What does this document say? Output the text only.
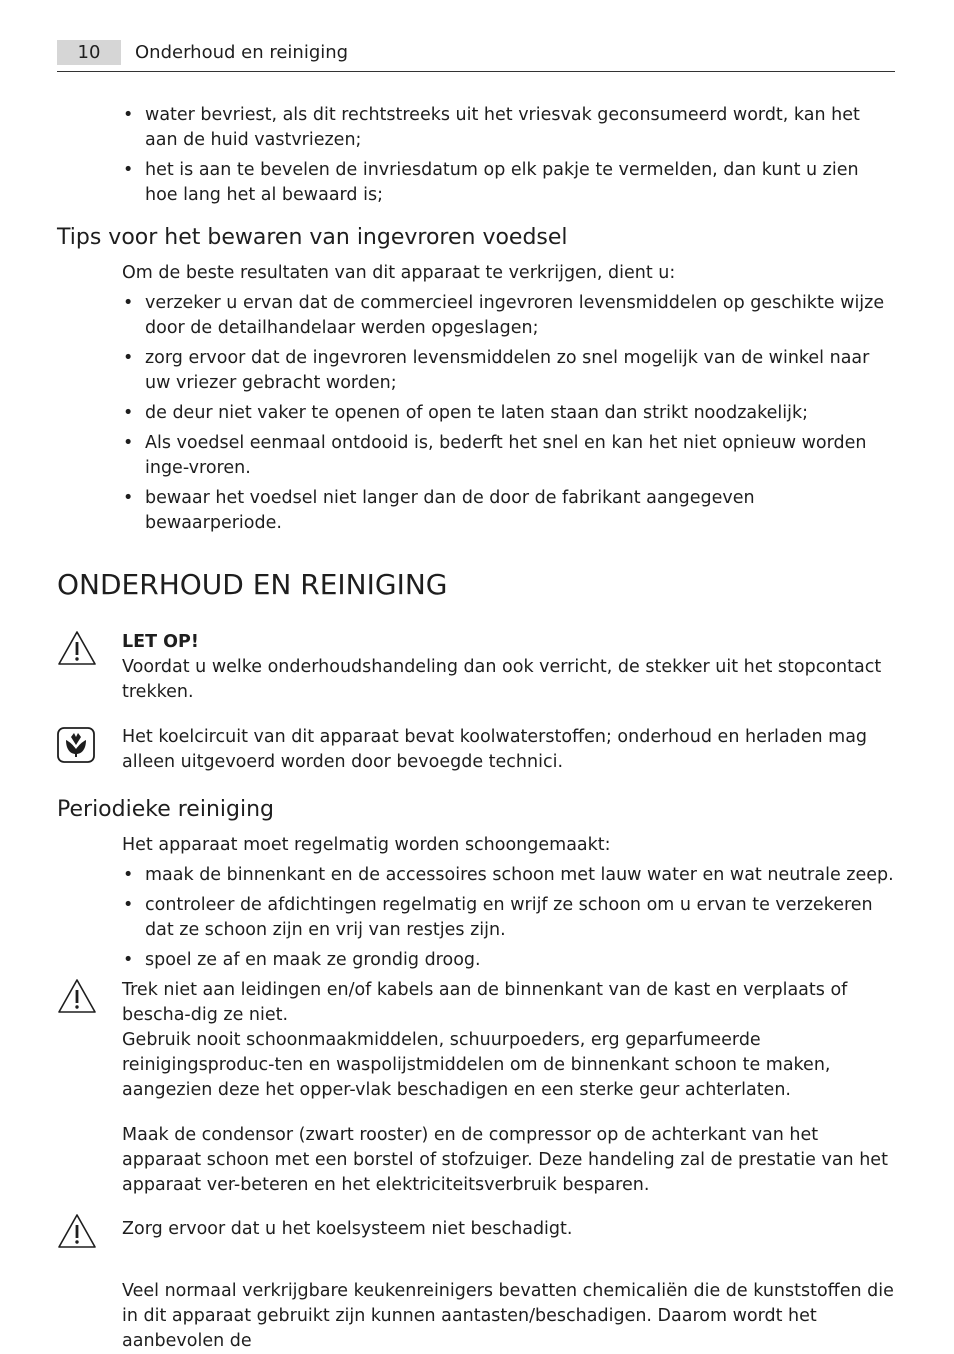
10	Onderhoud en reiniging
• water bevriest, als dit rechtstreeks uit het vriesvak geconsumeerd wordt, kan het aan de huid vastvriezen;
• het is aan te bevelen de invriesdatum op elk pakje te vermelden, dan kunt u zien hoe lang het al bewaard is;
Tips voor het bewaren van ingevroren voedsel

Om de beste resultaten van dit apparaat te verkrijgen, dient u:

• verzeker u ervan dat de commercieel ingevroren levensmiddelen op geschikte wijze door de detailhandelaar werden opgeslagen;
• zorg ervoor dat de ingevroren levensmiddelen zo snel mogelijk van de winkel naar uw vriezer gebracht worden;
• de deur niet vaker te openen of open te laten staan dan strikt noodzakelijk;
• Als voedsel eenmaal ontdooid is, bederft het snel en kan het niet opnieuw worden inge-vroren.
• bewaar het voedsel niet langer dan de door de fabrikant aangegeven bewaarperiode.
ONDERHOUD EN REINIGING

LET OP!

Voordat u welke onderhoudshandeling dan ook verricht, de stekker uit het stopcontact trekken.

Het koelcircuit van dit apparaat bevat koolwaterstoffen; onderhoud en herladen mag alleen uitgevoerd worden door bevoegde technici.

Periodieke reiniging

Het apparaat moet regelmatig worden schoongemaakt:

• maak de binnenkant en de accessoires schoon met lauw water en wat neutrale zeep.
• controleer de afdichtingen regelmatig en wrijf ze schoon om u ervan te verzekeren dat ze schoon zijn en vrij van restjes zijn.
• spoel ze af en maak ze grondig droog.

Trek niet aan leidingen en/of kabels aan de binnenkant van de kast en verplaats of bescha-dig ze niet.

Gebruik nooit schoonmaakmiddelen, schuurpoeders, erg geparfumeerde reinigingsproduc-ten en waspolijstmiddelen om de binnenkant schoon te maken, aangezien deze het opper-vlak beschadigen en een sterke geur achterlaten.

Maak de condensor (zwart rooster) en de compressor op de achterkant van het apparaat schoon met een borstel of stofzuiger. Deze handeling zal de prestatie van het apparaat ver-beteren en het elektriciteitsverbruik besparen.

Zorg ervoor dat u het koelsysteem niet beschadigt.

Veel normaal verkrijgbare keukenreinigers bevatten chemicaliën die de kunststoffen die in dit apparaat gebruikt zijn kunnen aantasten/beschadigen. Daarom wordt het aanbevolen de
